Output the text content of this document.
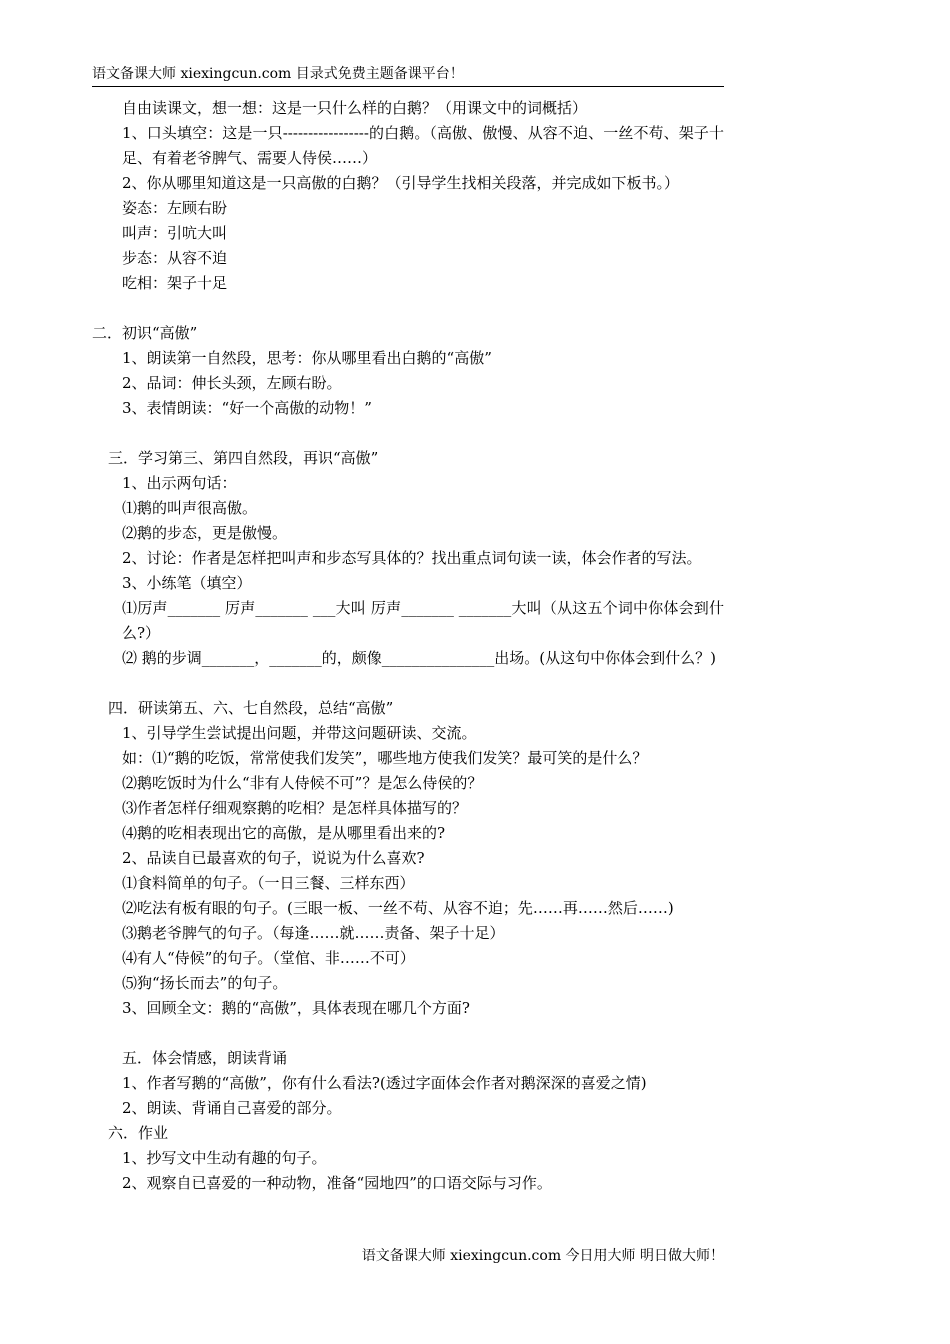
语文备课大师 xiexingcun.com 目录式免费主题备课平台！

自由读课文，想一想：这是一只什么样的白鹅？（用课文中的词概括）

1、口头填空：这是一只-----------------的白鹅。（高傲、傲慢、从容不迫、一丝不苟、架子十足、有着老爷脾气、需要人侍侯……）

2、你从哪里知道这是一只高傲的白鹅？（引导学生找相关段落，并完成如下板书。）

姿态：左顾右盼

叫声：引吭大叫

步态：从容不迫

吃相：架子十足

二．初识“高傲”

1、朗读第一自然段，思考：你从哪里看出白鹅的“高傲”

2、品词：伸长头颈，左顾右盼。

3、表情朗读：“好一个高傲的动物！”

三．学习第三、第四自然段，再识“高傲”

1、出示两句话：

⑴鹅的叫声很高傲。

⑵鹅的步态，更是傲慢。

2、讨论：作者是怎样把叫声和步态写具体的？找出重点词句读一读，体会作者的写法。

3、小练笔（填空）

⑴厉声_______ 厉声_______ ___大叫 厉声_______ _______大叫（从这五个词中你体会到什么?）

⑵ 鹅的步调_______，_______的，颇像_______________出场。(从这句中你体会到什么？)

四．研读第五、六、七自然段，总结“高傲”

1、引导学生尝试提出问题，并带这问题研读、交流。

如：⑴“鹅的吃饭，常常使我们发笑”，哪些地方使我们发笑？最可笑的是什么？

⑵鹅吃饭时为什么“非有人侍候不可”？是怎么侍侯的？

⑶作者怎样仔细观察鹅的吃相？是怎样具体描写的？

⑷鹅的吃相表现出它的高傲，是从哪里看出来的?

2、品读自已最喜欢的句子，说说为什么喜欢?

⑴食料简单的句子。（一日三餐、三样东西）

⑵吃法有板有眼的句子。(三眼一板、一丝不苟、从容不迫；先……再……然后……)

⑶鹅老爷脾气的句子。（每逢……就……责备、架子十足）

⑷有人“侍候”的句子。（堂倌、非……不可）

⑸狗“扬长而去”的句子。

3、回顾全文：鹅的“高傲”，具体表现在哪几个方面?

五．体会情感，朗读背诵

1、作者写鹅的“高傲”，你有什么看法?(透过字面体会作者对鹅深深的喜爱之情)

2、朗读、背诵自己喜爱的部分。

六．作业

1、抄写文中生动有趣的句子。

2、观察自已喜爱的一种动物，准备“园地四”的口语交际与习作。

语文备课大师 xiexingcun.com 今日用大师 明日做大师！
